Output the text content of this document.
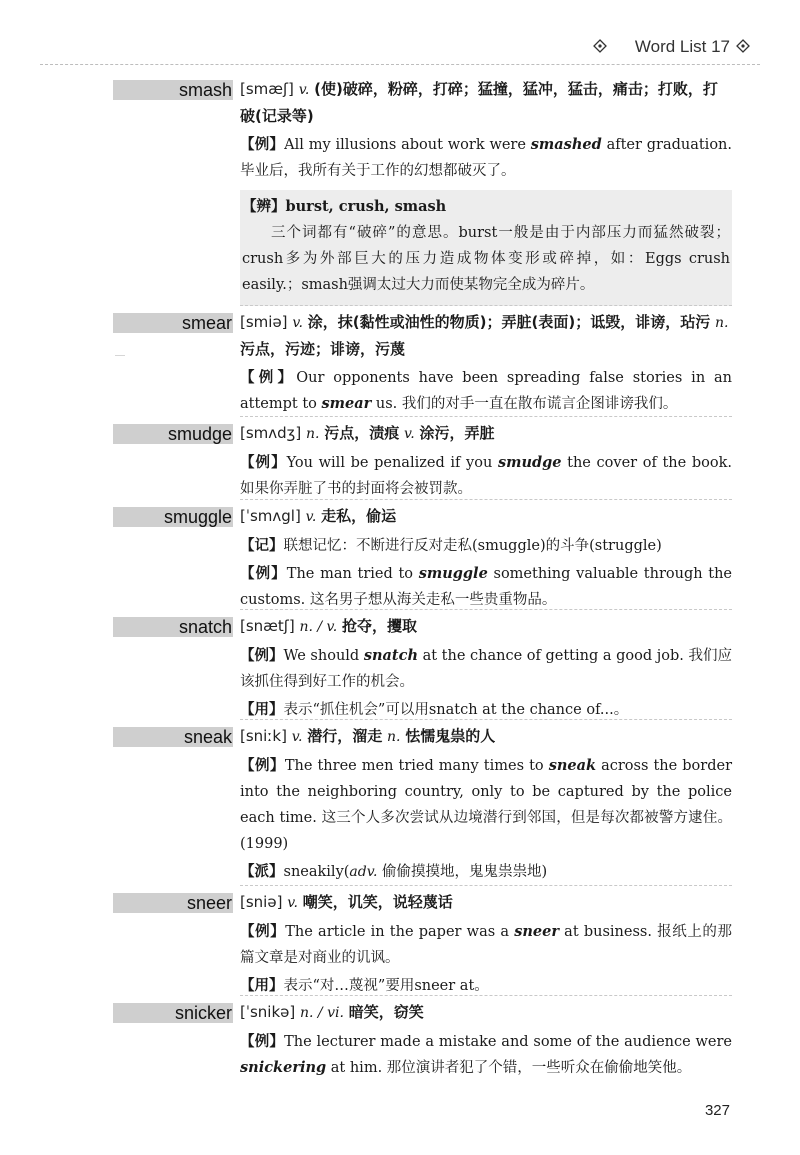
Word List 17
smash [smæʃ] v. (使)破碎，粉碎，打碎；猛撞，猛冲，猛击，痛击；打败，打破(记录等)
【例】All my illusions about work were smashed after graduation. 毕业后，我所有关于工作的幻想都破灭了。
【辨】burst, crush, smash
三个词都有“破碎”的意思。burst一般是由于内部压力而猛然破裂；crush多为外部巨大的压力造成物体变形或碎掉，如：Eggs crush easily.；smash强调太过大力而使某物完全成为碎片。
smear [smiə] v. 涂，抹(黏性或油性的物质)；弄脏(表面)；诋毁，诽谤，玷污 n. 污点，污迹；诽谤，污蔑
【例】Our opponents have been spreading false stories in an attempt to smear us. 我们的对手一直在散布谎言企图诽谤我们。
smudge [smʌdʒ] n. 污点，渍痕 v. 涂污，弄脏
【例】You will be penalized if you smudge the cover of the book. 如果你弄脏了书的封面将会被罚款。
smuggle [ˈsmʌgl] v. 走私，偷运
【记】联想记忆：不断进行反对走私(smuggle)的斗争(struggle)
【例】The man tried to smuggle something valuable through the customs. 这名男子想从海关走私一些贵重物品。
snatch [snætʃ] n. / v. 抢夺，攫取
【例】We should snatch at the chance of getting a good job. 我们应该抓住得到好工作的机会。
【用】表示“抓住机会”可以用snatch at the chance of...。
sneak [sniːk] v. 潜行，溜走 n. 怯懦鬼祟的人
【例】The three men tried many times to sneak across the border into the neighboring country, only to be captured by the police each time. 这三个人多次尝试从边境潜行到邻国，但是每次都被警方逮住。(1999)
【派】sneakily(adv. 偷偷摸摸地，鬼鬼祟祟地)
sneer [sniə] v. 嘲笑，讥笑，说轻蔑话
【例】The article in the paper was a sneer at business. 报纸上的那篇文章是对商业的讥讽。
【用】表示“对…蔑视”要用sneer at。
snicker [ˈsnikə] n. / vi. 暗笑，窃笑
【例】The lecturer made a mistake and some of the audience were snickering at him. 那位演讲者犯了个错，一些听众在偷偷地笑他。
327
